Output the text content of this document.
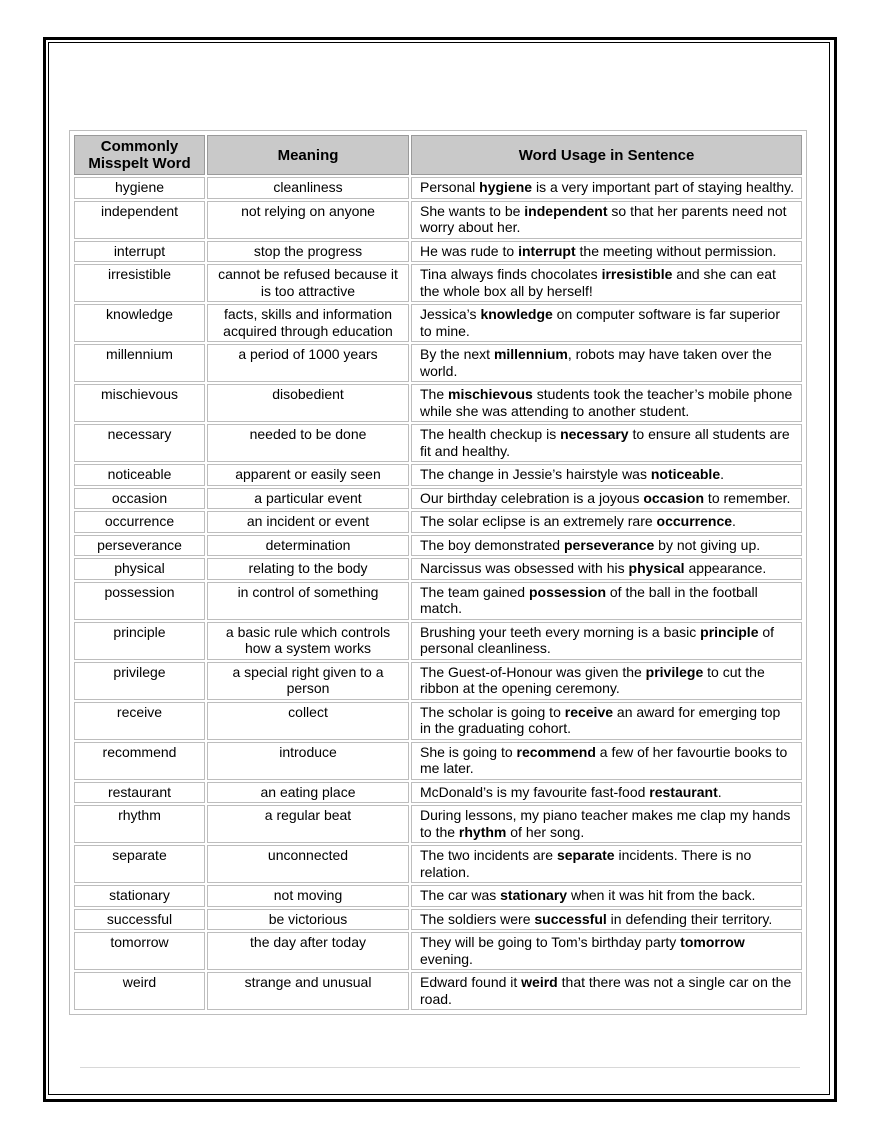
Commonly Misspelt Word	Meaning	Word Usage in Sentence
hygiene	cleanliness	Personal hygiene is a very important part of staying healthy.
independent	not relying on anyone	She wants to be independent so that her parents need not worry about her.
interrupt	stop the progress	He was rude to interrupt the meeting without permission.
irresistible	cannot be refused because it is too attractive	Tina always finds chocolates irresistible and she can eat the whole box all by herself!
knowledge	facts, skills and information acquired through education	Jessica’s knowledge on computer software is far superior to mine.
millennium	a period of 1000 years	By the next millennium, robots may have taken over the world.
mischievous	disobedient	The mischievous students took the teacher’s mobile phone while she was attending to another student.
necessary	needed to be done	The health checkup is necessary to ensure all students are fit and healthy.
noticeable	apparent or easily seen	The change in Jessie’s hairstyle was noticeable.
occasion	a particular event	Our birthday celebration is a joyous occasion to remember.
occurrence	an incident or event	The solar eclipse is an extremely rare occurrence.
perseverance	determination	The boy demonstrated perseverance by not giving up.
physical	relating to the body	Narcissus was obsessed with his physical appearance.
possession	in control of something	The team gained possession of the ball in the football match.
principle	a basic rule which controls how a system works	Brushing your teeth every morning is a basic principle of personal cleanliness.
privilege	a special right given to a person	The Guest-of-Honour was given the privilege to cut the ribbon at the opening ceremony.
receive	collect	The scholar is going to receive an award for emerging top in the graduating cohort.
recommend	introduce	She is going to recommend a few of her favourtie books to me later.
restaurant	an eating place	McDonald’s is my favourite fast-food restaurant.
rhythm	a regular beat	During lessons, my piano teacher makes me clap my hands to the rhythm of her song.
separate	unconnected	The two incidents are separate incidents. There is no relation.
stationary	not moving	The car was stationary when it was hit from the back.
successful	be victorious	The soldiers were successful in defending their territory.
tomorrow	the day after today	They will be going to Tom’s birthday party tomorrow evening.
weird	strange and unusual	Edward found it weird that there was not a single car on the road.
